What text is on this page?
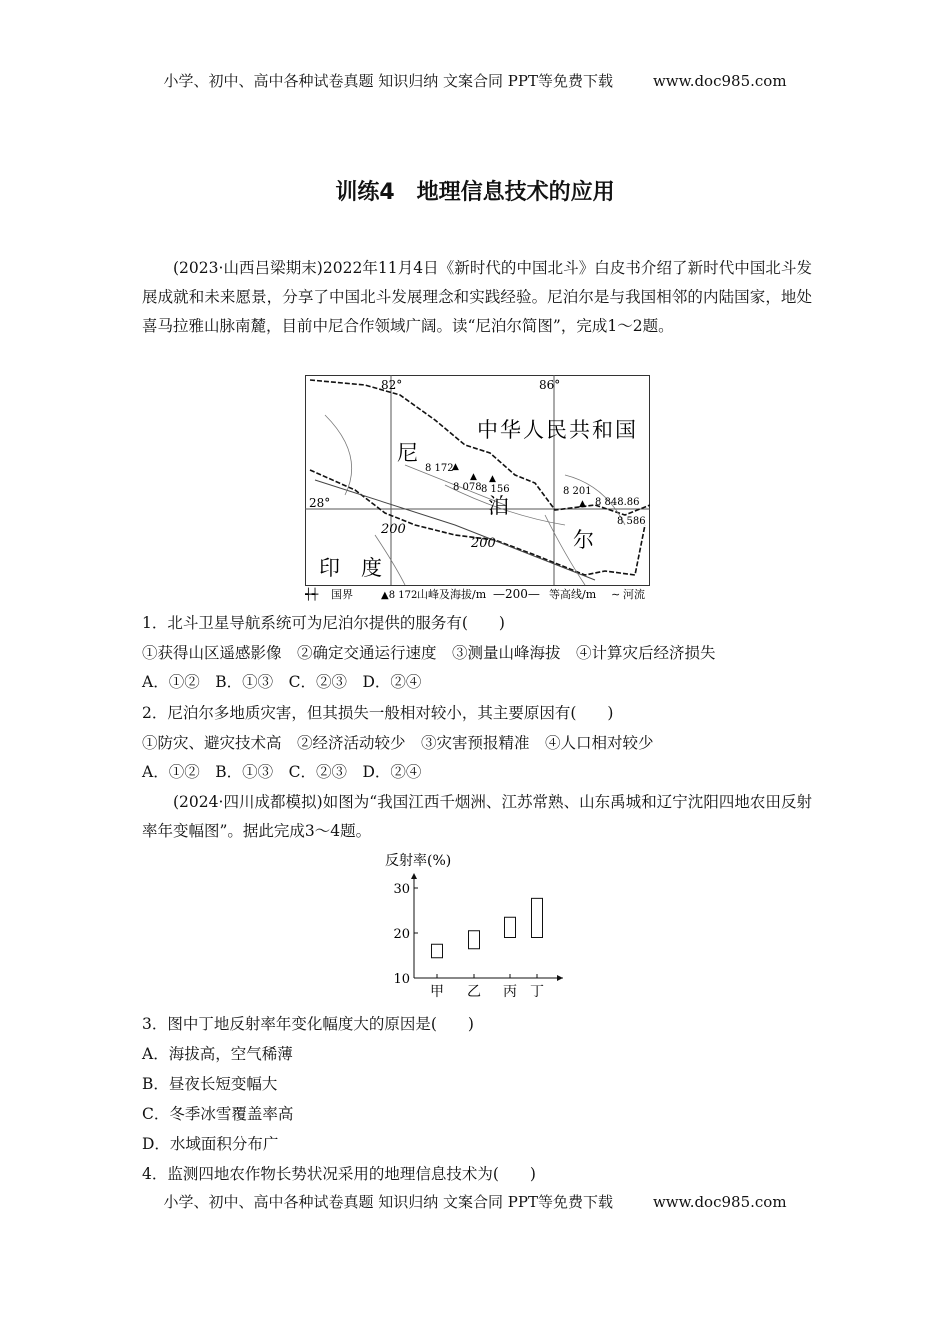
小学、初中、高中各种试卷真题 知识归纳 文案合同 PPT等免费下载	www.doc985.com
训练4　地理信息技术的应用
(2023·山西吕梁期末)2022年11月4日《新时代的中国北斗》白皮书介绍了新时代中国北斗发展成就和未来愿景，分享了中国北斗发展理念和实践经验。尼泊尔是与我国相邻的内陆国家，地处喜马拉雅山脉南麓，目前中尼合作领域广阔。读“尼泊尔简图”，完成1～2题。
82°	86°
28°
中华人民共和国
尼
泊
尔
印　度
8 172
▲
8 078
▲
8 156
▲
8 201
▲ 8 848.86
8 586
200
200
┽┽ 国界	▲8 172 山峰及海拔/m —200— 等高线/m ∼ 河流
1．北斗卫星导航系统可为尼泊尔提供的服务有(　　)
①获得山区遥感影像　②确定交通运行速度　③测量山峰海拔　④计算灾后经济损失
A．①②　B．①③　C．②③　D．②④
2．尼泊尔多地质灾害，但其损失一般相对较小，其主要原因有(　　)
①防灾、避灾技术高　②经济活动较少　③灾害预报精准　④人口相对较少
A．①②　B．①③　C．②③　D．②④
(2024·四川成都模拟)如图为“我国江西千烟洲、江苏常熟、山东禹城和辽宁沈阳四地农田反射率年变幅图”。据此完成3～4题。
反射率(%)
10
20
30
甲 乙 丙 丁
3．图中丁地反射率年变化幅度大的原因是(　　)
A．海拔高，空气稀薄
B．昼夜长短变幅大
C．冬季冰雪覆盖率高
D．水域面积分布广
4．监测四地农作物长势状况采用的地理信息技术为(　　)
小学、初中、高中各种试卷真题 知识归纳 文案合同 PPT等免费下载	www.doc985.com
